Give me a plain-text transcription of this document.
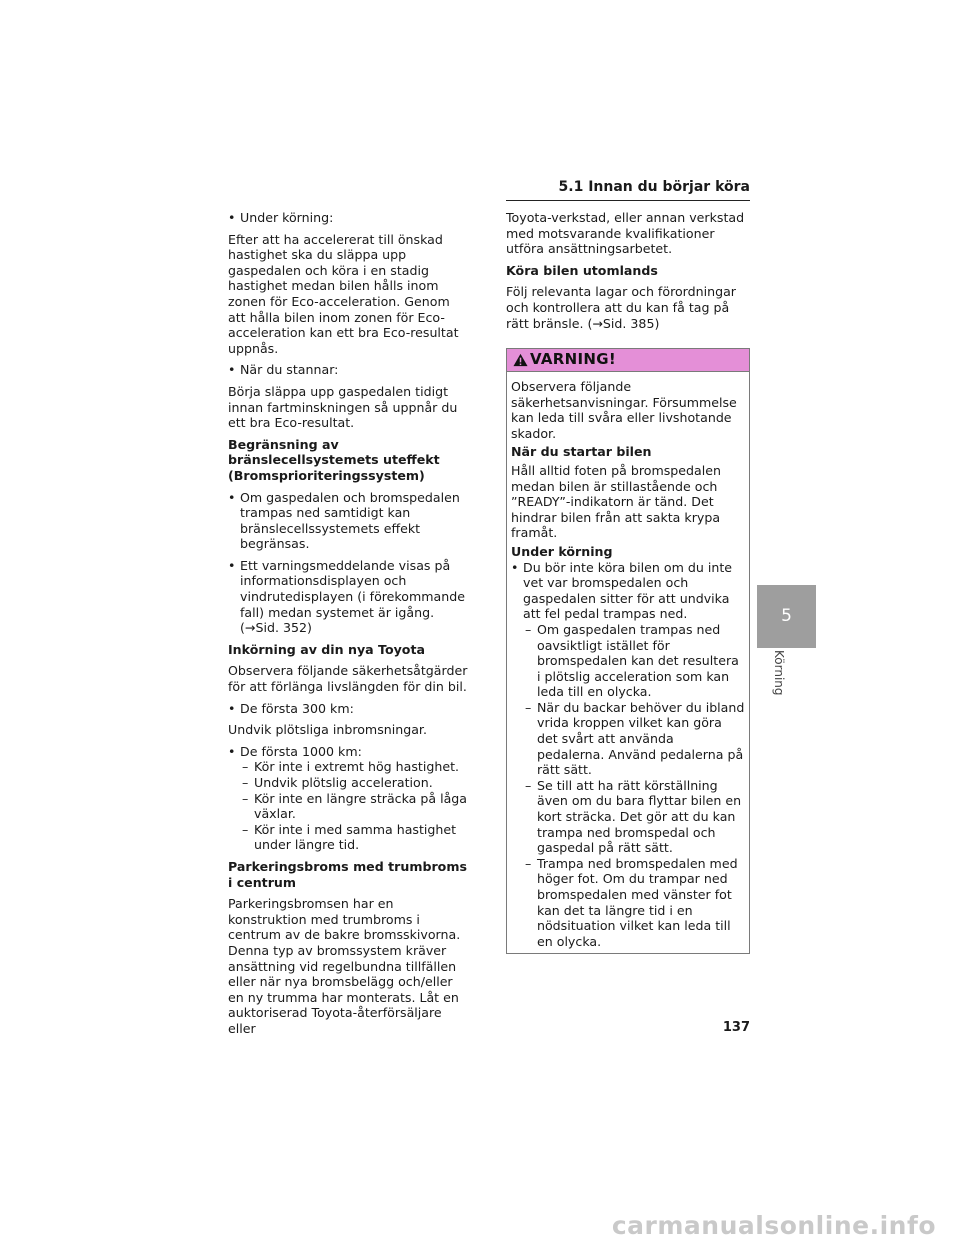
5.1 Innan du börjar köra
• Under körning:

Efter att ha accelererat till önskad hastighet ska du släppa upp gaspedalen och köra i en stadig hastighet medan bilen hålls inom zonen för Eco-acceleration. Genom att hålla bilen inom zonen för Eco-acceleration kan ett bra Eco-resultat uppnås.

• När du stannar:

Börja släppa upp gaspedalen tidigt innan fartminskningen så uppnår du ett bra Eco-resultat.

Begränsning av bränslecellsystemets uteffekt (Bromsprioriteringssystem)

• Om gaspedalen och bromspedalen trampas ned samtidigt kan bränslecellssystemets effekt begränsas.
• Ett varningsmeddelande visas på informationsdisplayen och vindrutedisplayen (i förekommande fall) medan systemet är igång. (→Sid. 352)

Inkörning av din nya Toyota

Observera följande säkerhetsåtgärder för att förlänga livslängden för din bil.

• De första 300 km:

Undvik plötsliga inbromsningar.

• De första 1000 km:
– Kör inte i extremt hög hastighet.
– Undvik plötslig acceleration.
– Kör inte en längre sträcka på låga växlar.
– Kör inte i med samma hastighet under längre tid.

Parkeringsbroms med trumbroms i centrum

Parkeringsbromsen har en konstruktion med trumbroms i centrum av de bakre bromsskivorna. Denna typ av bromssystem kräver ansättning vid regelbundna tillfällen eller när nya bromsbelägg och/eller en ny trumma har monterats. Låt en auktoriserad Toyota-återförsäljare eller

Toyota-verkstad, eller annan verkstad med motsvarande kvalifikationer utföra ansättningsarbetet.

Köra bilen utomlands

Följ relevanta lagar och förordningar och kontrollera att du kan få tag på rätt bränsle. (→Sid. 385)

VARNING!

Observera följande säkerhetsanvisningar. Försummelse kan leda till svåra eller livshotande skador.

När du startar bilen

Håll alltid foten på bromspedalen medan bilen är stillastående och ”READY”-indikatorn är tänd. Det hindrar bilen från att sakta krypa framåt.

Under körning

• Du bör inte köra bilen om du inte vet var bromspedalen och gaspedalen sitter för att undvika att fel pedal trampas ned.
– Om gaspedalen trampas ned oavsiktligt istället för bromspedalen kan det resultera i plötslig acceleration som kan leda till en olycka.
– När du backar behöver du ibland vrida kroppen vilket kan göra det svårt att använda pedalerna. Använd pedalerna på rätt sätt.
– Se till att ha rätt körställning även om du bara flyttar bilen en kort sträcka. Det gör att du kan trampa ned bromspedal och gaspedal på rätt sätt.
– Trampa ned bromspedalen med höger fot. Om du trampar ned bromspedalen med vänster fot kan det ta längre tid i en nödsituation vilket kan leda till en olycka.
5
Körning
137
carmanualsonline.info
